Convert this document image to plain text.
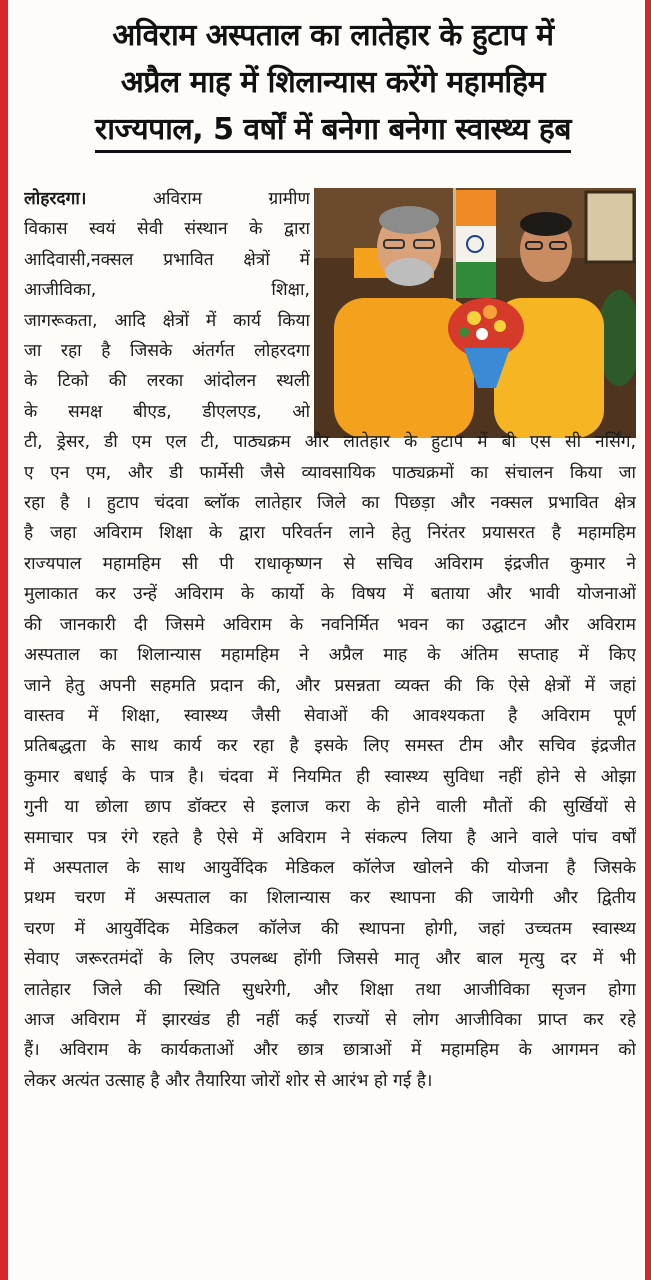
अविराम अस्पताल का लातेहार के हुटाप में
अप्रैल माह में शिलान्यास करेंगे महामहिम
राज्यपाल, 5 वर्षों में बनेगा बनेगा स्वास्थ्य हब
लोहरदगा। अविराम ग्रामीण
विकास स्वयं सेवी संस्थान के द्वारा
आदिवासी,नक्सल प्रभावित क्षेत्रों में
आजीविका, शिक्षा,
जागरूकता, आदि क्षेत्रों में कार्य किया
जा रहा है जिसके अंतर्गत लोहरदगा
के टिको की लरका आंदोलन स्थली
के समक्ष बीएड, डीएलएड, ओ
टी, ड्रेसर, डी एम एल टी, पाठ्यक्रम और लातेहार के हुटाप में बी एस सी नर्सिंग,
ए एन एम, और डी फार्मेसी जैसे व्यावसायिक पाठ्यक्रमों का संचालन किया जा
रहा है । हुटाप चंदवा ब्लॉक लातेहार जिले का पिछड़ा और नक्सल प्रभावित क्षेत्र
है जहा अविराम शिक्षा के द्वारा परिवर्तन लाने हेतु निरंतर प्रयासरत है महामहिम
राज्यपाल महामहिम सी पी राधाकृष्णन से सचिव अविराम इंद्रजीत कुमार ने
मुलाकात कर उन्हें अविराम के कार्यो के विषय में बताया और भावी योजनाओं
की जानकारी दी जिसमे अविराम के नवनिर्मित भवन का उद्घाटन और अविराम
अस्पताल का शिलान्यास महामहिम ने अप्रैल माह के अंतिम सप्ताह में किए
जाने हेतु अपनी सहमति प्रदान की, और प्रसन्नता व्यक्त की कि ऐसे क्षेत्रों में जहां
वास्तव में शिक्षा, स्वास्थ्य जैसी सेवाओं की आवश्यकता है अविराम पूर्ण
प्रतिबद्धता के साथ कार्य कर रहा है इसके लिए समस्त टीम और सचिव इंद्रजीत
कुमार बधाई के पात्र है। चंदवा में नियमित ही स्वास्थ्य सुविधा नहीं होने से ओझा
गुनी या छोला छाप डॉक्टर से इलाज करा के होने वाली मौतों की सुर्खियों से
समाचार पत्र रंगे रहते है ऐसे में अविराम ने संकल्प लिया है आने वाले पांच वर्षों
में अस्पताल के साथ आयुर्वेदिक मेडिकल कॉलेज खोलने की योजना है जिसके
प्रथम चरण में अस्पताल का शिलान्यास कर स्थापना की जायेगी और द्वितीय
चरण में आयुर्वेदिक मेडिकल कॉलेज की स्थापना होगी, जहां उच्चतम स्वास्थ्य
सेवाए जरूरतमंदों के लिए उपलब्ध होंगी जिससे मातृ और बाल मृत्यु दर में भी
लातेहार जिले की स्थिति सुधरेगी, और शिक्षा तथा आजीविका सृजन होगा
आज अविराम में झारखंड ही नहीं कई राज्यों से लोग आजीविका प्राप्त कर रहे
हैं। अविराम के कार्यकताओं और छात्र छात्राओं में महामहिम के आगमन को
लेकर अत्यंत उत्साह है और तैयारिया जोरों शोर से आरंभ हो गई है।
